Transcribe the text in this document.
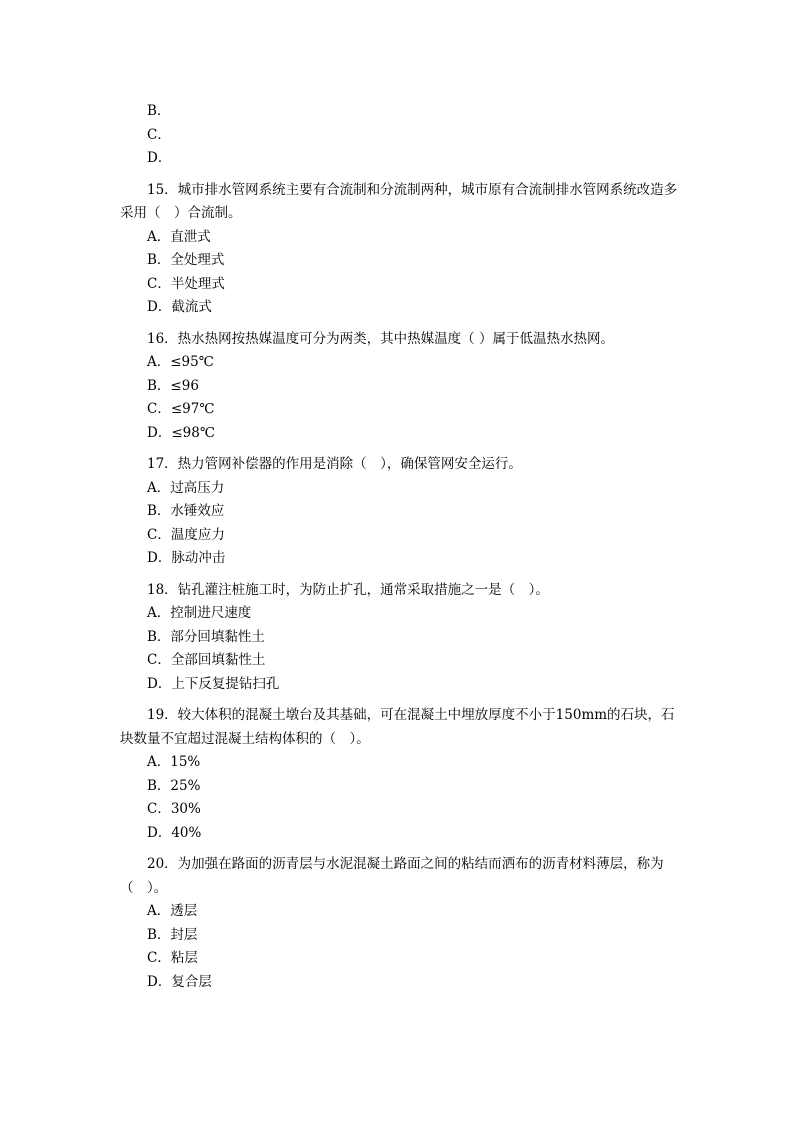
B．
C．
D．

15．城市排水管网系统主要有合流制和分流制两种，城市原有合流制排水管网系统改造多采用（　）合流制。

A．直泄式
B．全处理式
C．半处理式
D．截流式

16．热水热网按热媒温度可分为两类，其中热媒温度（ ）属于低温热水热网。

A．≤95℃
B．≤96
C．≤97℃
D．≤98℃

17．热力管网补偿器的作用是消除（　），确保管网安全运行。

A．过高压力
B．水锤效应
C．温度应力
D．脉动冲击

18．钻孔灌注桩施工时，为防止扩孔，通常采取措施之一是（　）。

A．控制进尺速度
B．部分回填黏性土
C．全部回填黏性土
D．上下反复提钻扫孔

19．较大体积的混凝土墩台及其基础，可在混凝土中埋放厚度不小于150mm的石块，石块数量不宜超过混凝土结构体积的（　）。

A．15%
B．25%
C．30%
D．40%

20．为加强在路面的沥青层与水泥混凝土路面之间的粘结而洒布的沥青材料薄层，称为（　）。

A．透层
B．封层
C．粘层
D．复合层
